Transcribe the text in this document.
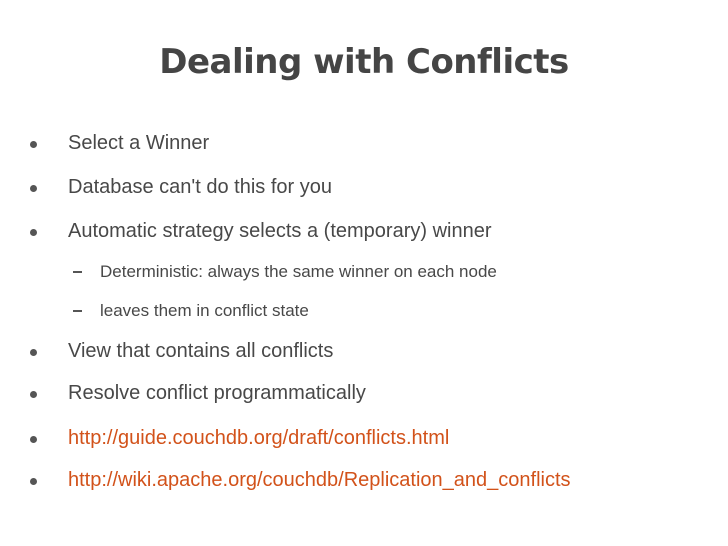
Dealing with Conflicts
Select a Winner
Database can't do this for you
Automatic strategy selects a (temporary) winner
Deterministic: always the same winner on each node
leaves them in conflict state
View that contains all conflicts
Resolve conflict programmatically
http://guide.couchdb.org/draft/conflicts.html
http://wiki.apache.org/couchdb/Replication_and_conflicts
